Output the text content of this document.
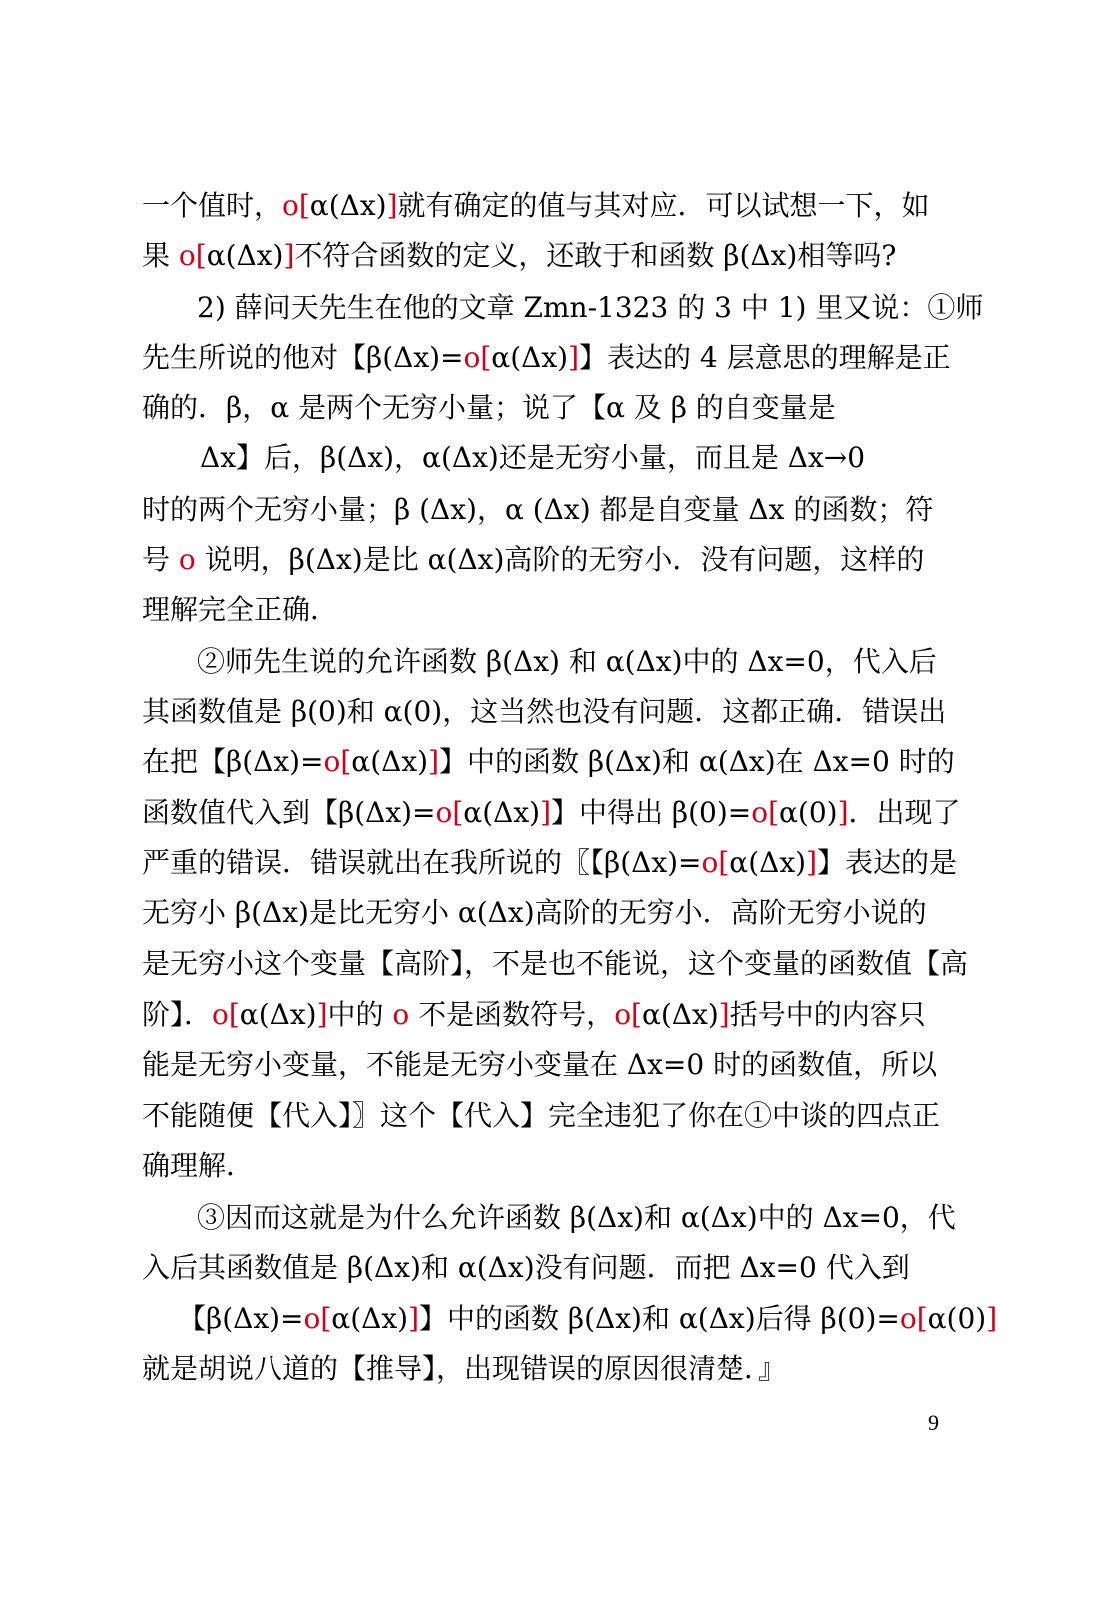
一个值时，o[α(Δx)]就有确定的值与其对应．可以试想一下，如
果 o[α(Δx)]不符合函数的定义，还敢于和函数 β(Δx)相等吗?
2) 薛问天先生在他的文章 Zmn-1323 的 3 中 1) 里又说：①师
先生所说的他对【β(Δx)=o[α(Δx)]】表达的 4 层意思的理解是正
确的．β，α 是两个无穷小量；说了【α 及 β 的自变量是
Δx】后，β(Δx)，α(Δx)还是无穷小量，而且是 Δx→0
时的两个无穷小量；β (Δx)，α (Δx) 都是自变量 Δx 的函数；符
号 o 说明，β(Δx)是比 α(Δx)高阶的无穷小．没有问题，这样的
理解完全正确．
②师先生说的允许函数 β(Δx) 和 α(Δx)中的 Δx=0，代入后
其函数值是 β(0)和 α(0)，这当然也没有问题．这都正确．错误出
在把【β(Δx)=o[α(Δx)]】中的函数 β(Δx)和 α(Δx)在 Δx=0 时的
函数值代入到【β(Δx)=o[α(Δx)]】中得出 β(0)=o[α(0)]．出现了
严重的错误．错误就出在我所说的〖【β(Δx)=o[α(Δx)]】表达的是
无穷小 β(Δx)是比无穷小 α(Δx)高阶的无穷小．高阶无穷小说的
是无穷小这个变量【高阶】，不是也不能说，这个变量的函数值【高
阶】．o[α(Δx)]中的 o 不是函数符号，o[α(Δx)]括号中的内容只
能是无穷小变量，不能是无穷小变量在 Δx=0 时的函数值，所以
不能随便【代入】〗这个【代入】完全违犯了你在①中谈的四点正
确理解．
③因而这就是为什么允许函数 β(Δx)和 α(Δx)中的 Δx=0，代
入后其函数值是 β(Δx)和 α(Δx)没有问题．而把 Δx=0 代入到
【β(Δx)=o[α(Δx)]】中的函数 β(Δx)和 α(Δx)后得 β(0)=o[α(0)]
就是胡说八道的【推导】，出现错误的原因很清楚．』
9
